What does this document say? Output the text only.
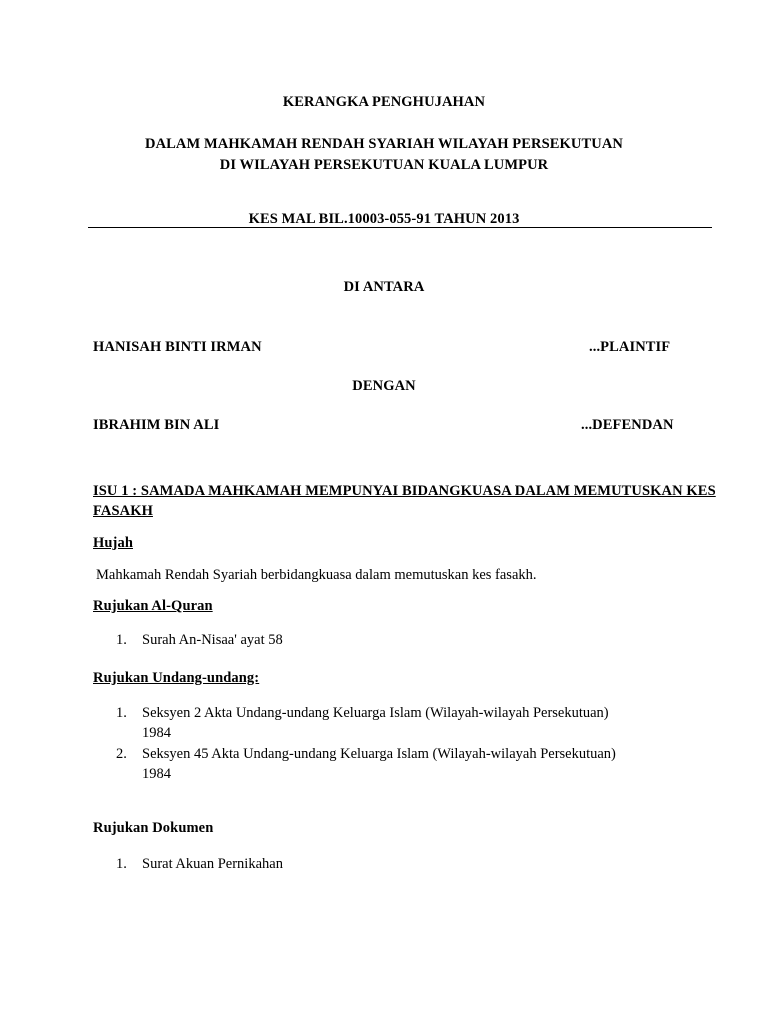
KERANGKA PENGHUJAHAN
DALAM MAHKAMAH RENDAH SYARIAH WILAYAH PERSEKUTUAN
DI WILAYAH PERSEKUTUAN KUALA LUMPUR
KES MAL BIL.10003-055-91 TAHUN 2013
DI ANTARA
HANISAH BINTI IRMAN	...PLAINTIF
DENGAN
IBRAHIM BIN ALI	...DEFENDAN
ISU 1 : SAMADA MAHKAMAH MEMPUNYAI BIDANGKUASA DALAM MEMUTUSKAN KES
FASAKH
Hujah
Mahkamah Rendah Syariah berbidangkuasa dalam memutuskan kes fasakh.
Rujukan Al-Quran
1. Surah An-Nisaa' ayat 58
Rujukan Undang-undang:
1. Seksyen 2 Akta Undang-undang Keluarga Islam (Wilayah-wilayah Persekutuan)
1984
2. Seksyen 45 Akta Undang-undang Keluarga Islam (Wilayah-wilayah Persekutuan)
1984
Rujukan Dokumen
1. Surat Akuan Pernikahan
